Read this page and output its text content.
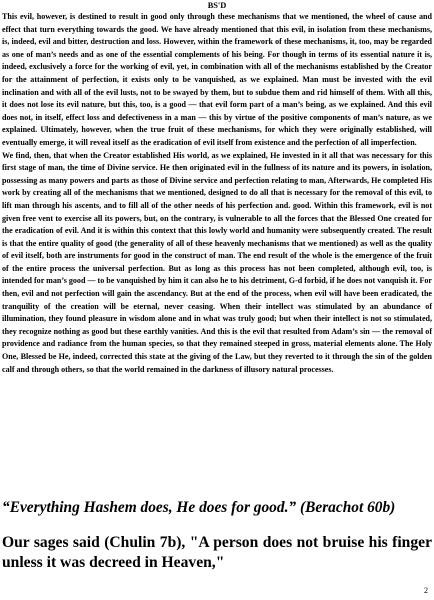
BS'D

This evil, however, is destined to result in good only through these mechanisms that we mentioned, the wheel of cause and effect that turn everything towards the good. We have already mentioned that this evil, in isolation from these mechanisms, is, indeed, evil and bitter, destruction and loss. However, within the framework of these mechanisms, it, too, may be regarded as one of man’s needs and as one of the essential complements of his being. For though in terms of its essential nature it is, indeed, exclusively a force for the working of evil, yet, in combination with all of the mechanisms established by the Creator for the attainment of perfection, it exists only to be vanquished, as we explained. Man must be invested with the evil inclination and with all of the evil lusts, not to be swayed by them, but to subdue them and rid himself of them. With all this, it does not lose its evil nature, but this, too, is a good — that evil form part of a man’s being, as we explained. And this evil does not, in itself, effect loss and defectiveness in a man — this by virtue of the positive components of man’s nature, as we explained. Ultimately, however, when the true fruit of these mechanisms, for which they were originally established, will eventually emerge, it will reveal itself as the eradication of evil itself from existence and the perfection of all imperfection.

We find, then, that when the Creator established His world, as we explained, He invested in it all that was necessary for this first stage of man, the time of Divine service. He then originated evil in the fullness of its nature and its powers, in isolation, possessing as many powers and parts as those of Divine service and perfection relating to man, Afterwards, He completed His work by creating all of the mechanisms that we mentioned, designed to do all that is necessary for the removal of this evil, to lift man through his ascents, and to fill all of the other needs of his perfection and. good. Within this framework, evil is not given free vent to exercise all its powers, but, on the contrary, is vulnerable to all the forces that the Blessed One created for the eradication of evil. And it is within this context that this lowly world and humanity were subsequently created. The result is that the entire quality of good (the generality of all of these heavenly mechanisms that we mentioned) as well as the quality of evil itself, both are instruments for good in the construct of man. The end result of the whole is the emergence of the fruit of the entire process the universal perfection. But as long as this process has not been completed, although evil, too, is intended for man’s good — to be vanquished by him it can also he to his detriment, G-d forbid, if he does not vanquish it. For then, evil and not perfection will gain the ascendancy. But at the end of the process, when evil will have been eradicated, the tranquility of the creation will be eternal, never ceasing. When their intellect was stimulated by an abundance of illumination, they found pleasure in wisdom alone and in what was truly good; but when their intellect is not so stimulated, they recognize nothing as good but these earthly vanities. And this is the evil that resulted from Adam’s sin — the removal of providence and radiance from the human species, so that they remained steeped in gross, material elements alone. The Holy One, Blessed be He, indeed, corrected this state at the giving of the Law, but they reverted to it through the sin of the golden calf and through others, so that the world remained in the darkness of illusory natural processes.

“Everything Hashem does, He does for good.” (Berachot 60b)
Our sages said (Chulin 7b), "A person does not bruise his finger unless it was decreed in Heaven,"
2
